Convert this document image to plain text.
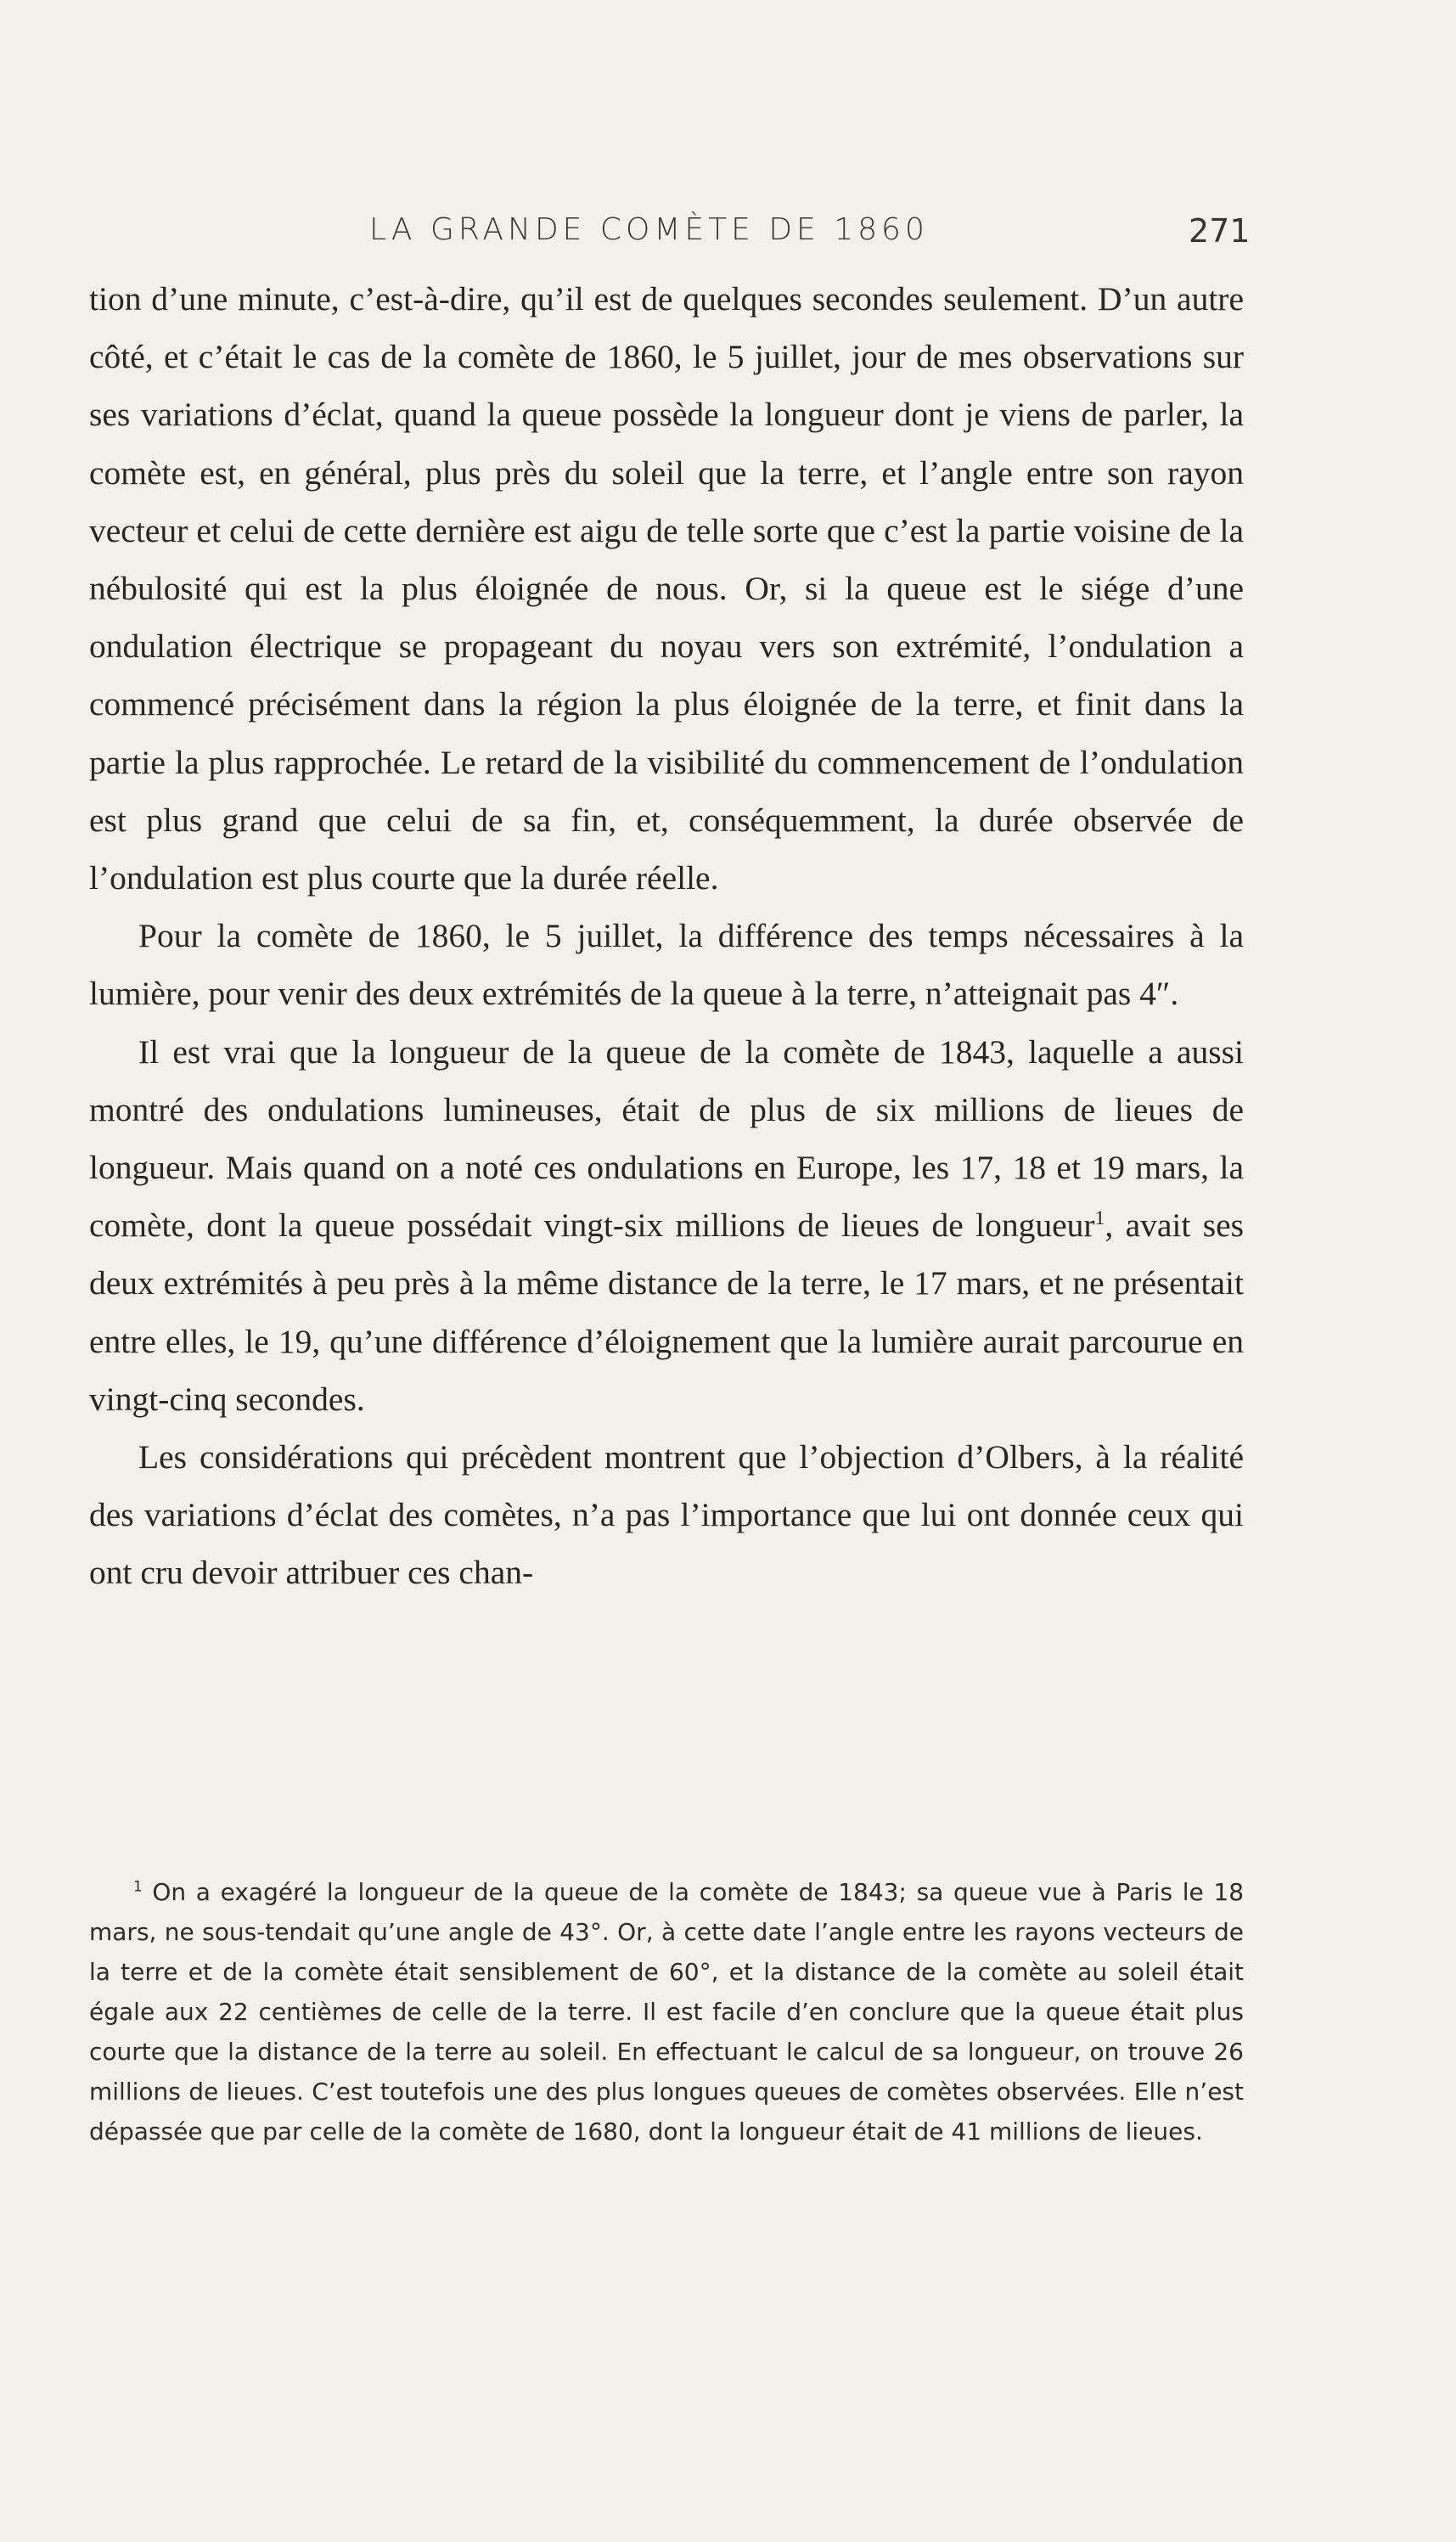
LA GRANDE COMÈTE DE 1860	271

tion d’une minute, c’est-à-dire, qu’il est de quelques secondes seulement. D’un autre côté, et c’était le cas de la comète de 1860, le 5 juillet, jour de mes observations sur ses variations d’éclat, quand la queue possède la longueur dont je viens de parler, la comète est, en général, plus près du soleil que la terre, et l’angle entre son rayon vecteur et celui de cette dernière est aigu de telle sorte que c’est la partie voisine de la nébulosité qui est la plus éloignée de nous. Or, si la queue est le siége d’une ondulation électrique se propageant du noyau vers son extrémité, l’ondulation a commencé précisément dans la région la plus éloignée de la terre, et finit dans la partie la plus rapprochée. Le retard de la visibilité du commencement de l’ondulation est plus grand que celui de sa fin, et, conséquemment, la durée observée de l’ondulation est plus courte que la durée réelle.

Pour la comète de 1860, le 5 juillet, la différence des temps nécessaires à la lumière, pour venir des deux extrémités de la queue à la terre, n’atteignait pas 4″.

Il est vrai que la longueur de la queue de la comète de 1843, laquelle a aussi montré des ondulations lumineuses, était de plus de six millions de lieues de longueur. Mais quand on a noté ces ondulations en Europe, les 17, 18 et 19 mars, la comète, dont la queue possédait vingt-six millions de lieues de longueur$^1$, avait ses deux extrémités à peu près à la même distance de la terre, le 17 mars, et ne présentait entre elles, le 19, qu’une différence d’éloignement que la lumière aurait parcourue en vingt-cinq secondes.

Les considérations qui précèdent montrent que l’objection d’Olbers, à la réalité des variations d’éclat des comètes, n’a pas l’importance que lui ont donnée ceux qui ont cru devoir attribuer ces chan-

$^1$ On a exagéré la longueur de la queue de la comète de 1843; sa queue vue à Paris le 18 mars, ne sous-tendait qu’une angle de 43°. Or, à cette date l’angle entre les rayons vecteurs de la terre et de la comète était sensiblement de 60°, et la distance de la comète au soleil était égale aux 22 centièmes de celle de la terre. Il est facile d’en conclure que la queue était plus courte que la distance de la terre au soleil. En effectuant le calcul de sa longueur, on trouve 26 millions de lieues. C’est toutefois une des plus longues queues de comètes observées. Elle n’est dépassée que par celle de la comète de 1680, dont la longueur était de 41 millions de lieues.
